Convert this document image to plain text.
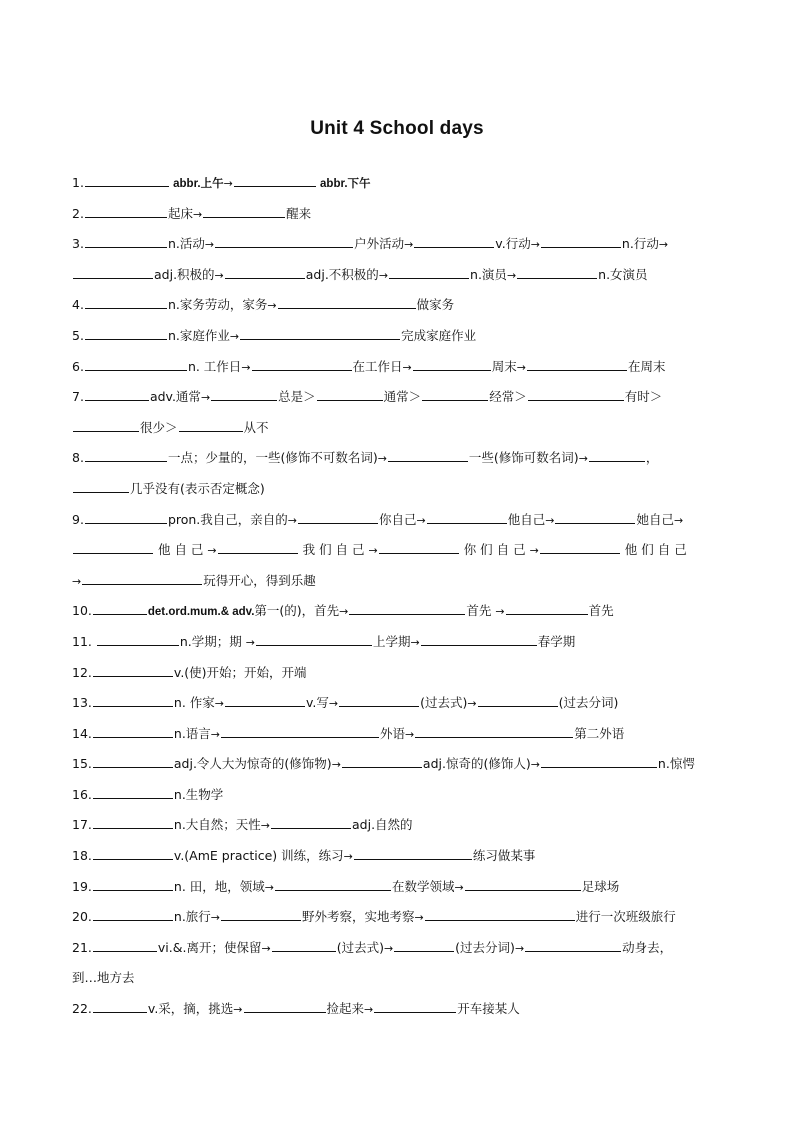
Unit 4 School days
1.	abbr.上午→	abbr.下午
2.	起床→	醒来
3.	n.活动→	户外活动→	v.行动→	n.行动→
adj.积极的→	adj.不积极的→	n.演员→	n.女演员
4.	n.家务劳动，家务→	做家务
5.	n.家庭作业→	完成家庭作业
6.	n. 工作日→	在工作日→	周末→	在周末
7.	adv.通常→	总是＞	通常＞	经常＞	有时＞
很少＞	从不
8.	一点；少量的，一些(修饰不可数名词)→	一些(修饰可数名词)→	，
几乎没有(表示否定概念)
9.	pron.我自己，亲自的→	你自己→	他自己→	她自己→
他 自 己 →	我 们 自 己 →	你 们 自 己 →	他 们 自 己
→	玩得开心，得到乐趣
10.	det.ord.mum.& adv.第一(的)，首先→	首先 →	首先
11.	n.学期；期 →	上学期→	春学期
12.	v.(使)开始；开始，开端
13.	n. 作家→	v.写→	(过去式)→	(过去分词)
14.	n.语言→	外语→	第二外语
15.	adj.令人大为惊奇的(修饰物)→	adj.惊奇的(修饰人)→	n.惊愕
16.	n.生物学
17.	n.大自然；天性→	adj.自然的
18.	v.(AmE practice) 训练，练习→	练习做某事
19.	n. 田，地，领域→	在数学领域→	足球场
20.	n.旅行→	野外考察，实地考察→	进行一次班级旅行
21.	vi.&.离开；使保留→	(过去式)→	(过去分词)→	动身去，
到…地方去
22.	v.采，摘，挑选→	捡起来→	开车接某人
